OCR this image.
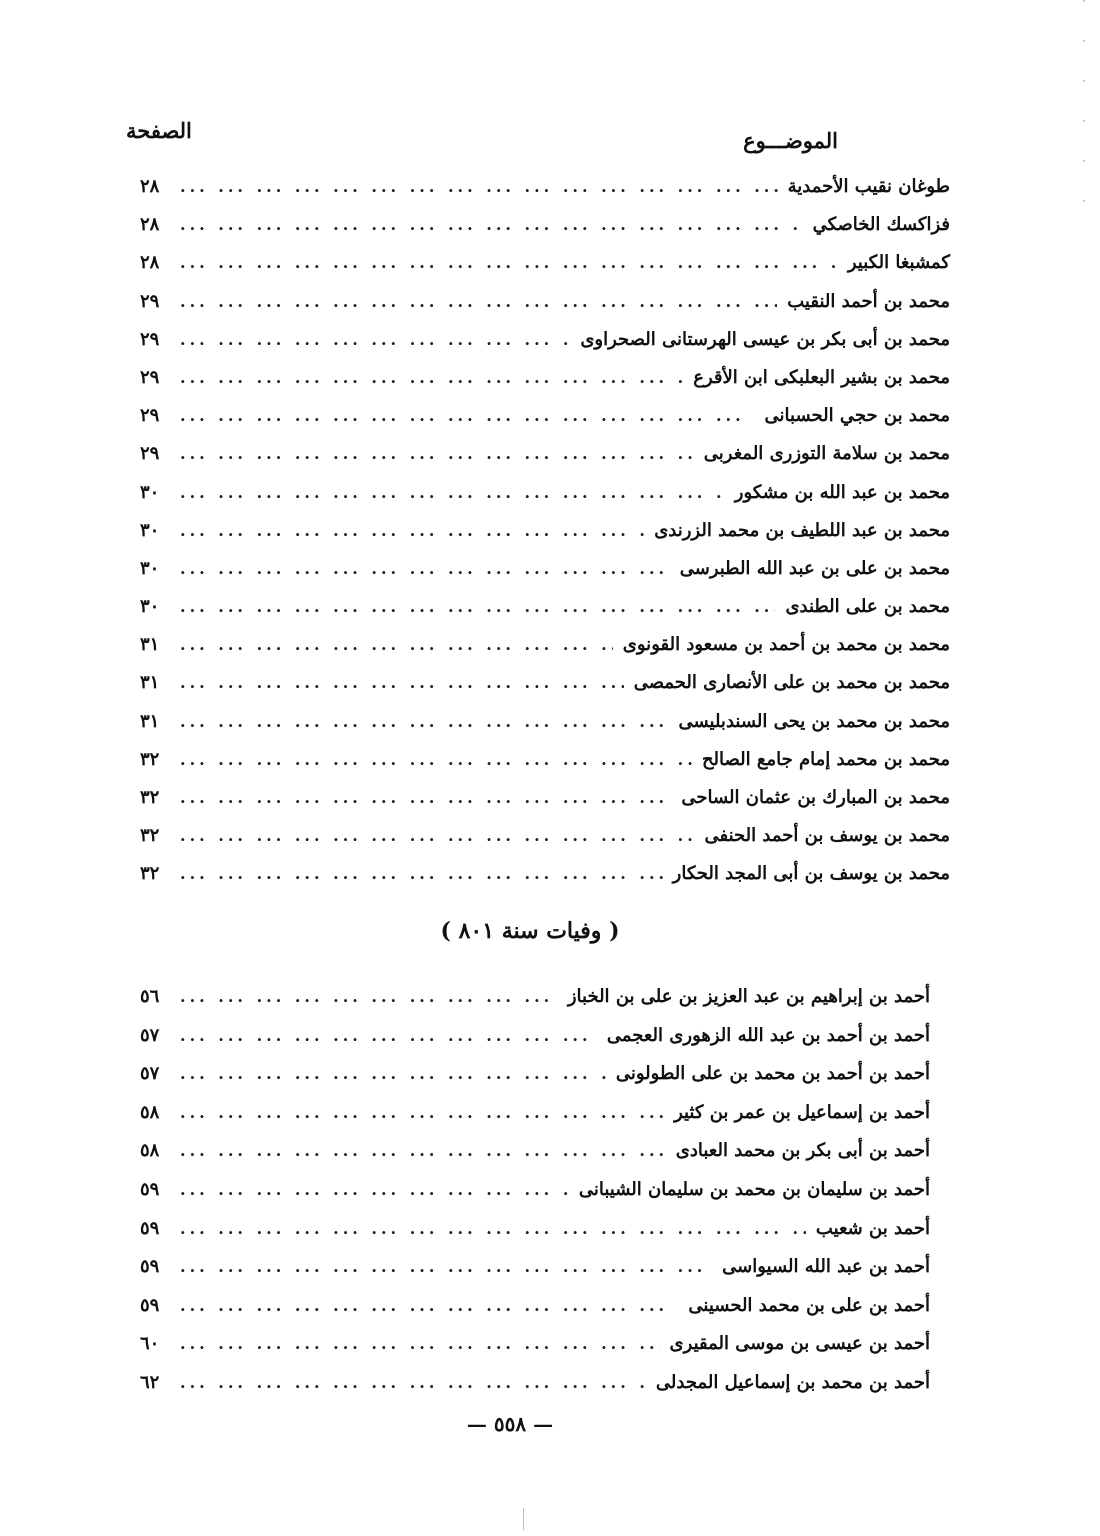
الموضـــوع
الصفحة
طوغان نقيب الأحمدية
... .
٢٨
فزاكسك الخاصكي
... .
٢٨
كمشبغا الكبير
... .
٢٨
محمد بن أحمد النقيب
... .
٢٩
محمد بن أبى بكر بن عيسى الهرستانى الصحراوى
... .
٢٩
محمد بن بشير البعلبكى ابن الأقرع
... .
٢٩
محمد بن حجي الحسبانى
... .
٢٩
محمد بن سلامة التوزرى المغربى
... .
٢٩
محمد بن عبد الله بن مشكور
... .
٣٠
محمد بن عبد اللطيف بن محمد الزرندى
... .
٣٠
محمد بن على بن عبد الله الطبرسى
... .
٣٠
محمد بن على الطندى
... .
٣٠
محمد بن محمد بن أحمد بن مسعود القونوى
... .
٣١
محمد بن محمد بن على الأنصارى الحمصى
... .
٣١
محمد بن محمد بن يحى السندبليسى
... .
٣١
محمد بن محمد إمام جامع الصالح
... .
٣٢
محمد بن المبارك بن عثمان الساحى
... .
٣٢
محمد بن يوسف بن أحمد الحنفى
... .
٣٢
محمد بن يوسف بن أبى المجد الحكار
... .
٣٢
( وفيات سنة ٨٠١ )
أحمد بن إبراهيم بن عبد العزيز بن على بن الخباز
... .
٥٦
أحمد بن أحمد بن عبد الله الزهورى العجمى
... .
٥٧
أحمد بن أحمد بن محمد بن على الطولونى
... .
٥٧
أحمد بن إسماعيل بن عمر بن كثير
... .
٥٨
أحمد بن أبى بكر بن محمد العبادى
... .
٥٨
أحمد بن سليمان بن محمد بن سليمان الشيبانى
... .
٥٩
أحمد بن شعيب
... .
٥٩
أحمد بن عبد الله السيواسى
... .
٥٩
أحمد بن على بن محمد الحسينى
... .
٥٩
أحمد بن عيسى بن موسى المقيرى
... .
٦٠
أحمد بن محمد بن إسماعيل المجدلى
... .
٦٢
— ٥٥٨ —
